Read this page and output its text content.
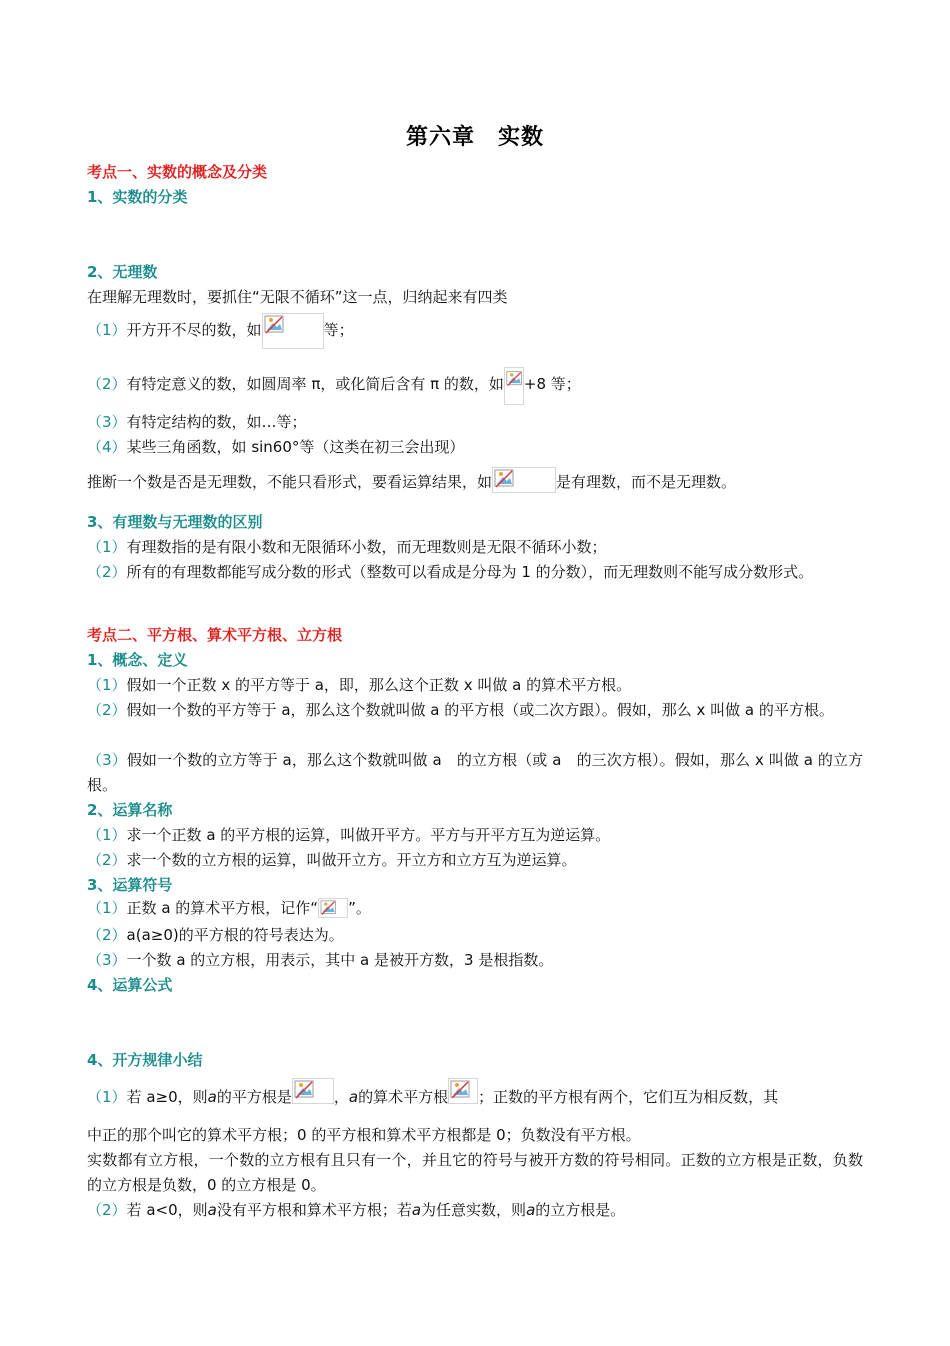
第六章　实数
考点一、实数的概念及分类
1、实数的分类
2、无理数
在理解无理数时，要抓住“无限不循环”这一点，归纳起来有四类
（1）开方开不尽的数，如	等；
（2）有特定意义的数，如圆周率 π，或化简后含有 π 的数，如 +8 等；
（3）有特定结构的数，如…等；
（4）某些三角函数，如 sin60°等（这类在初三会出现）
推断一个数是否是无理数，不能只看形式，要看运算结果，如	是有理数，而不是无理数。
3、有理数与无理数的区别
（1）有理数指的是有限小数和无限循环小数，而无理数则是无限不循环小数；
（2）所有的有理数都能写成分数的形式（整数可以看成是分母为 1 的分数），而无理数则不能写成分数形式。
考点二、平方根、算术平方根、立方根
1、概念、定义
（1）假如一个正数 x 的平方等于 a，即，那么这个正数 x 叫做 a 的算术平方根。
（2）假如一个数的平方等于 a，那么这个数就叫做 a 的平方根（或二次方跟）。假如，那么 x 叫做 a 的平方根。
（3）假如一个数的立方等于 a，那么这个数就叫做 a　的立方根（或 a　的三次方根）。假如，那么 x 叫做 a 的立方根。
2、运算名称
（1）求一个正数 a 的平方根的运算，叫做开平方。平方与开平方互为逆运算。
（2）求一个数的立方根的运算，叫做开立方。开立方和立方互为逆运算。
3、运算符号
（1）正数 a 的算术平方根，记作“ ”。
（2）a(a≥0)的平方根的符号表达为。
（3）一个数 a 的立方根，用表示，其中 a 是被开方数，3 是根指数。
4、运算公式
4、开方规律小结
（1）若 a≥0，则a的平方根是	，a的算术平方根 ；正数的平方根有两个，它们互为相反数，其
中正的那个叫它的算术平方根；0 的平方根和算术平方根都是 0；负数没有平方根。
实数都有立方根，一个数的立方根有且只有一个，并且它的符号与被开方数的符号相同。正数的立方根是正数，负数的立方根是负数，0 的立方根是 0。
（2）若 a<0，则a没有平方根和算术平方根；若a为任意实数，则a的立方根是。
